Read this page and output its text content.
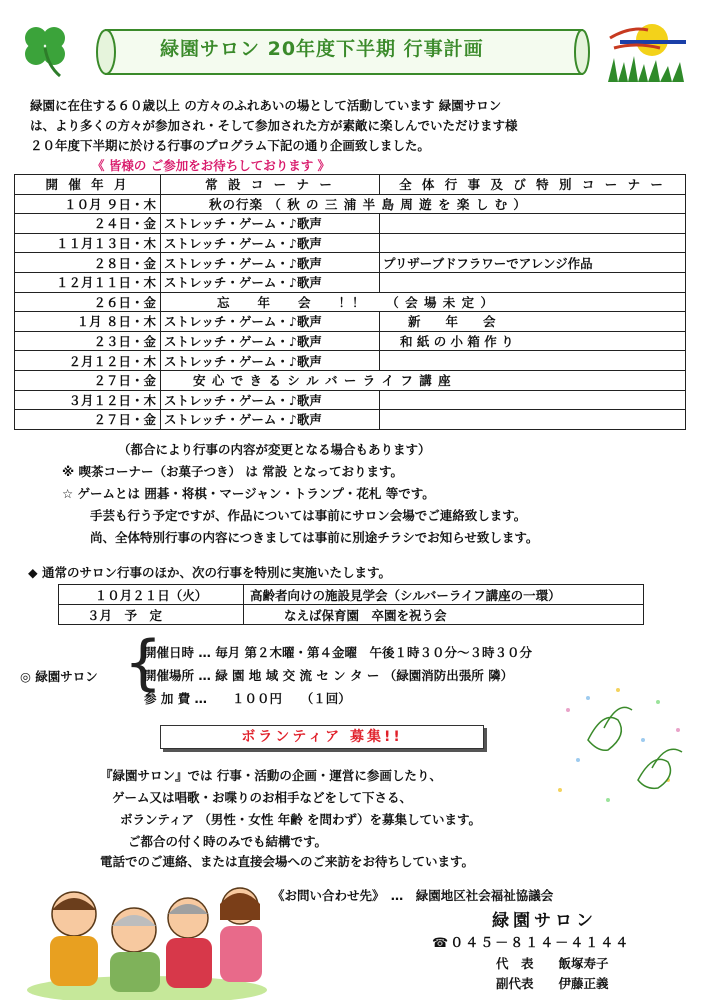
緑園サロン 20年度下半期 行事計画
緑園に在住する６０歳以上 の方々のふれあいの場として活動しています 緑園サロン
は、より多くの方々が参加され・そして参加された方が素敵に楽しんでいただけます様
２０年度下半期に於ける行事のプログラム下記の通り企画致しました。
《 皆様の ご参加をお待ちしております 》
開 催 年 月	常 設 コ ー ナ ー	全 体 行 事 及 び 特 別 コ ー ナ ー
１０月 ９日・木	秋の行楽 （ 秋 の 三 浦 半 島 周 遊 を 楽 し む ）	
２４日・金	ストレッチ・ゲーム・♪歌声	
１１月１３日・木	ストレッチ・ゲーム・♪歌声	
２８日・金	ストレッチ・ゲーム・♪歌声	プリザーブドフラワーでアレンジ作品
１２月１１日・木	ストレッチ・ゲーム・♪歌声	
２６日・金	忘　　年　　会　　！！　　（ 会 場 未 定 ）	
１月 ８日・木	ストレッチ・ゲーム・♪歌声	新　　年　　会
２３日・金	ストレッチ・ゲーム・♪歌声	和 紙 の 小 箱 作 り
２月１２日・木	ストレッチ・ゲーム・♪歌声	
２７日・金	安 心 で き る シ ル バ ー ラ イ フ 講 座	
３月１２日・木	ストレッチ・ゲーム・♪歌声	
２７日・金	ストレッチ・ゲーム・♪歌声	
（都合により行事の内容が変更となる場合もあります）
※ 喫茶コーナー（お菓子つき） は 常設 となっております。
☆ ゲームとは 囲碁・将棋・マージャン・トランプ・花札 等です。
手芸も行う予定ですが、作品については事前にサロン会場でご連絡致します。
尚、全体特別行事の内容につきましては事前に別途チラシでお知らせ致します。
◆ 通常のサロン行事のほか、次の行事を特別に実施いたします。
１０月２１日（火）	高齢者向けの施設見学会（シルバーライフ講座の一環）
３月　予　定	なえば保育園　卒園を祝う会
◎ 緑園サロン {
開催日時 … 毎月 第２木曜・第４金曜　午後１時３０分～３時３０分
開催場所 … 緑 園 地 域 交 流 セ ン タ ー （緑園消防出張所 隣）
参 加 費 …　　１００円　　（１回）
ボランティア 募集!!
『緑園サロン』では 行事・活動の企画・運営に参画したり、
ゲーム又は唱歌・お喋りのお相手などをして下さる、
ボランティア （男性・女性 年齢 を問わず）を募集しています。
ご都合の付く時のみでも結構です。
電話でのご連絡、または直接会場へのご来訪をお待ちしています。
《お問い合わせ先》　…　緑園地区社会福祉協議会
緑園サロン
☎０４５－８１４－４１４４
代　表　　飯塚寿子
副代表　　伊藤正義
